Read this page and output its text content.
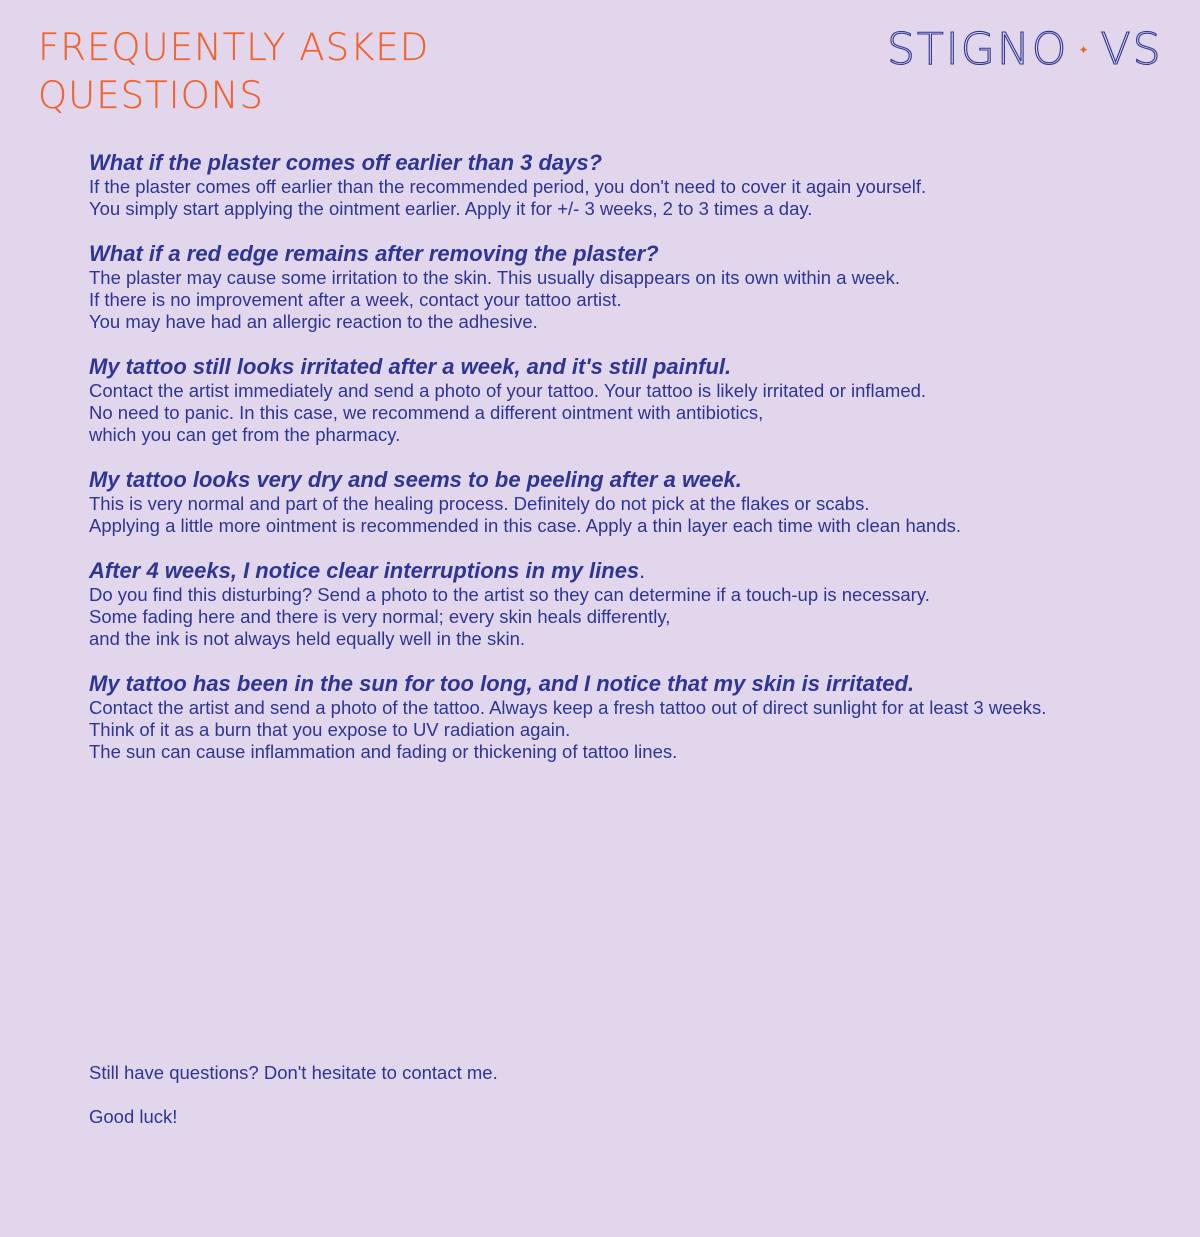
FREQUENTLY ASKED
QUESTIONS
STIGNO ✦ VS

What if the plaster comes off earlier than 3 days?

If the plaster comes off earlier than the recommended period, you don't need to cover it again yourself.

You simply start applying the ointment earlier. Apply it for +/- 3 weeks, 2 to 3 times a day.

What if a red edge remains after removing the plaster?

The plaster may cause some irritation to the skin. This usually disappears on its own within a week.

If there is no improvement after a week, contact your tattoo artist.

You may have had an allergic reaction to the adhesive.

My tattoo still looks irritated after a week, and it's still painful.

Contact the artist immediately and send a photo of your tattoo. Your tattoo is likely irritated or inflamed.

No need to panic. In this case, we recommend a different ointment with antibiotics,

which you can get from the pharmacy.

My tattoo looks very dry and seems to be peeling after a week.

This is very normal and part of the healing process. Definitely do not pick at the flakes or scabs.

Applying a little more ointment is recommended in this case. Apply a thin layer each time with clean hands.

After 4 weeks, I notice clear interruptions in my lines.

Do you find this disturbing? Send a photo to the artist so they can determine if a touch-up is necessary.

Some fading here and there is very normal; every skin heals differently,

and the ink is not always held equally well in the skin.

My tattoo has been in the sun for too long, and I notice that my skin is irritated.

Contact the artist and send a photo of the tattoo. Always keep a fresh tattoo out of direct sunlight for at least 3 weeks.

Think of it as a burn that you expose to UV radiation again.

The sun can cause inflammation and fading or thickening of tattoo lines.

Still have questions? Don't hesitate to contact me.

Good luck!
